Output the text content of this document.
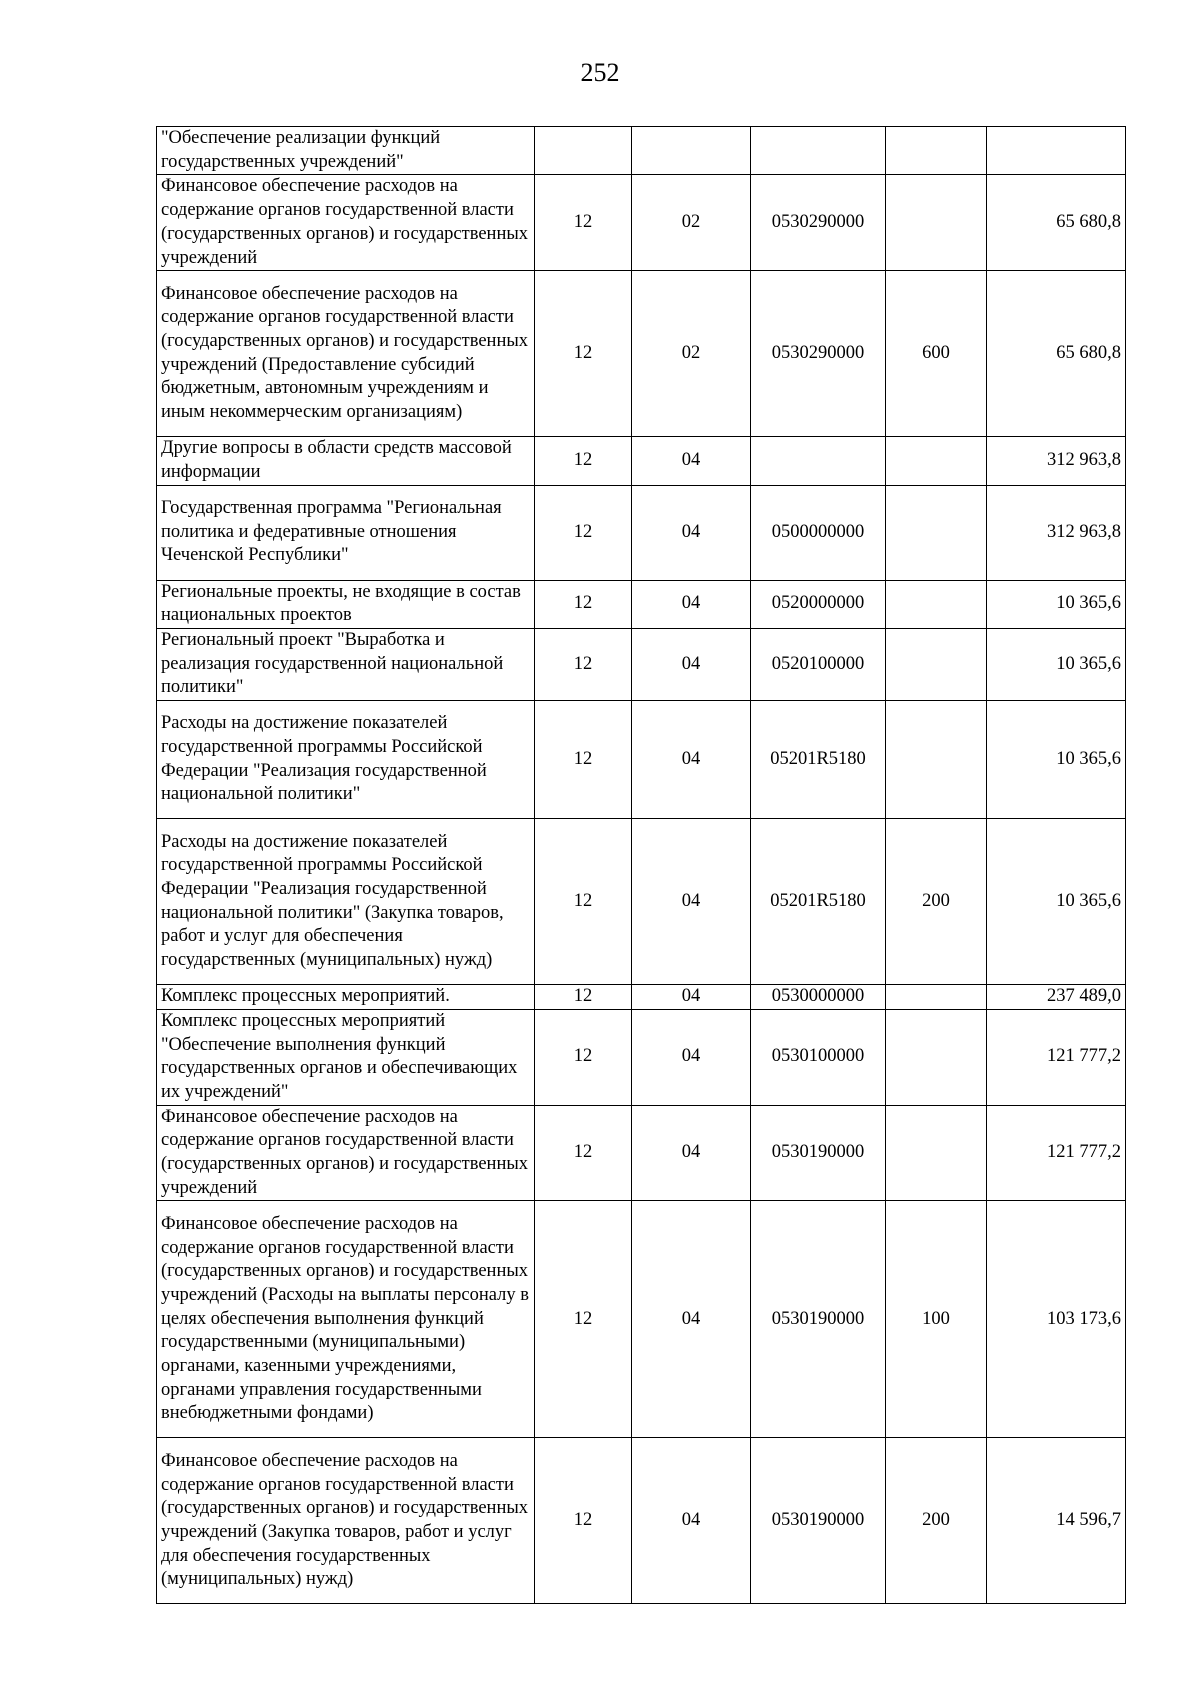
252
"Обеспечение реализации функций государственных учреждений"					
Финансовое обеспечение расходов на содержание органов государственной власти (государственных органов) и государственных учреждений	12	02	0530290000		65 680,8
Финансовое обеспечение расходов на содержание органов государственной власти (государственных органов) и государственных учреждений (Предоставление субсидий бюджетным, автономным учреждениям и иным некоммерческим организациям)	12	02	0530290000	600	65 680,8
Другие вопросы в области средств массовой информации	12	04			312 963,8
Государственная программа "Региональная политика и федеративные отношения Чеченской Республики"	12	04	0500000000		312 963,8
Региональные проекты, не входящие в состав национальных проектов	12	04	0520000000		10 365,6
Региональный проект "Выработка и реализация государственной национальной политики"	12	04	0520100000		10 365,6
Расходы на достижение показателей государственной программы Российской Федерации "Реализация государственной национальной политики"	12	04	05201R5180		10 365,6
Расходы на достижение показателей государственной программы Российской Федерации "Реализация государственной национальной политики" (Закупка товаров, работ и услуг для обеспечения государственных (муниципальных) нужд)	12	04	05201R5180	200	10 365,6
Комплекс процессных мероприятий.	12	04	0530000000		237 489,0
Комплекс процессных мероприятий "Обеспечение выполнения функций государственных органов и обеспечивающих их учреждений"	12	04	0530100000		121 777,2
Финансовое обеспечение расходов на содержание органов государственной власти (государственных органов) и государственных учреждений	12	04	0530190000		121 777,2
Финансовое обеспечение расходов на содержание органов государственной власти (государственных органов) и государственных учреждений (Расходы на выплаты персоналу в целях обеспечения выполнения функций государственными (муниципальными) органами, казенными учреждениями, органами управления государственными внебюджетными фондами)	12	04	0530190000	100	103 173,6
Финансовое обеспечение расходов на содержание органов государственной власти (государственных органов) и государственных учреждений (Закупка товаров, работ и услуг для обеспечения государственных (муниципальных) нужд)	12	04	0530190000	200	14 596,7
